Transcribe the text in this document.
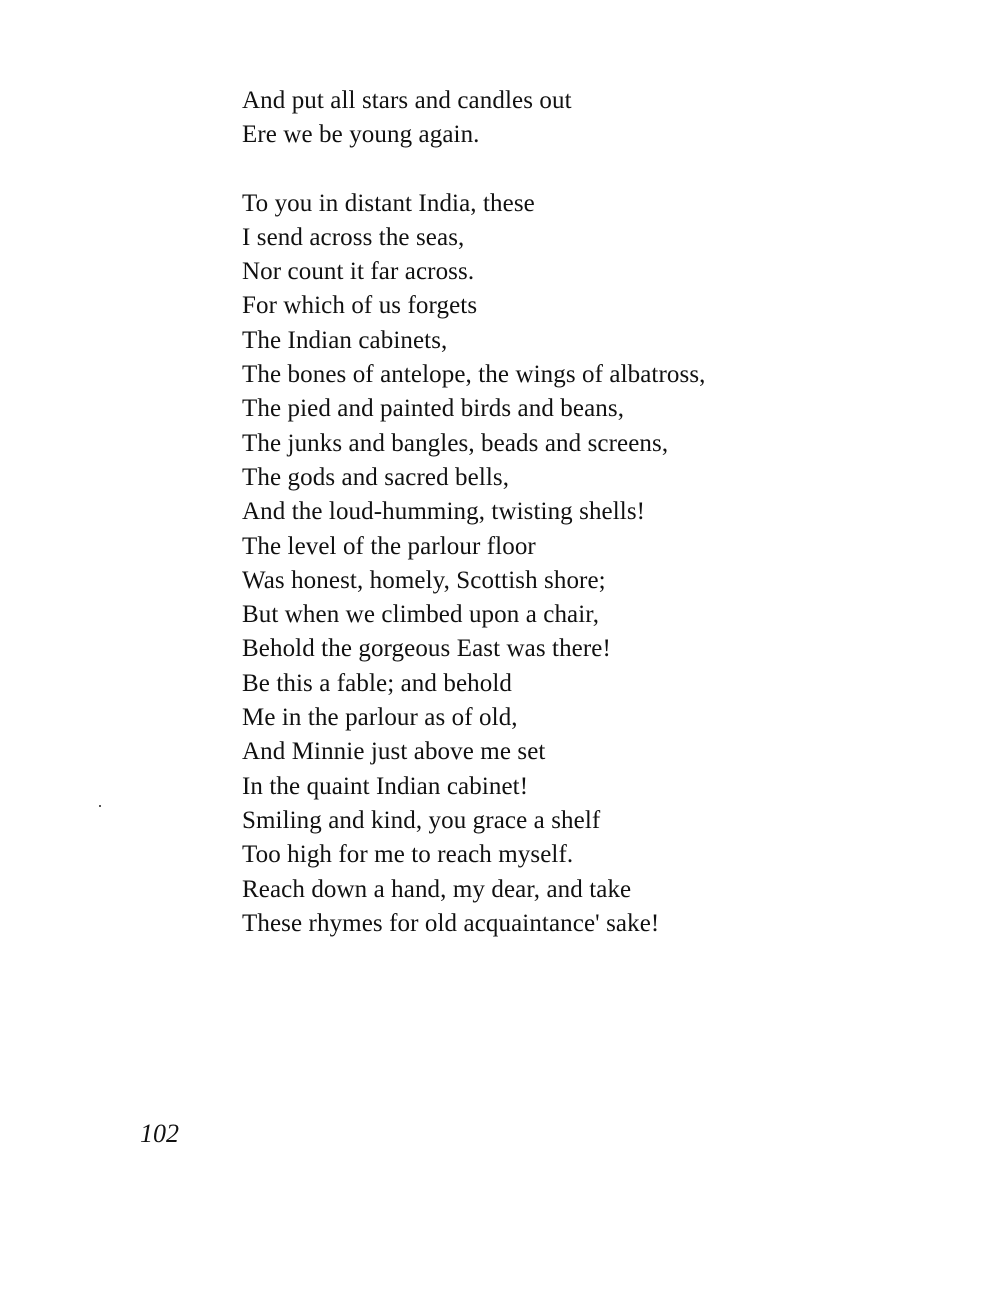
And put all stars and candles out
Ere we be young again.
To you in distant India, these
I send across the seas,
Nor count it far across.
For which of us forgets
The Indian cabinets,
The bones of antelope, the wings of albatross,
The pied and painted birds and beans,
The junks and bangles, beads and screens,
The gods and sacred bells,
And the loud-humming, twisting shells!
The level of the parlour floor
Was honest, homely, Scottish shore;
But when we climbed upon a chair,
Behold the gorgeous East was there!
Be this a fable; and behold
Me in the parlour as of old,
And Minnie just above me set
In the quaint Indian cabinet!
Smiling and kind, you grace a shelf
Too high for me to reach myself.
Reach down a hand, my dear, and take
These rhymes for old acquaintance' sake!
102
